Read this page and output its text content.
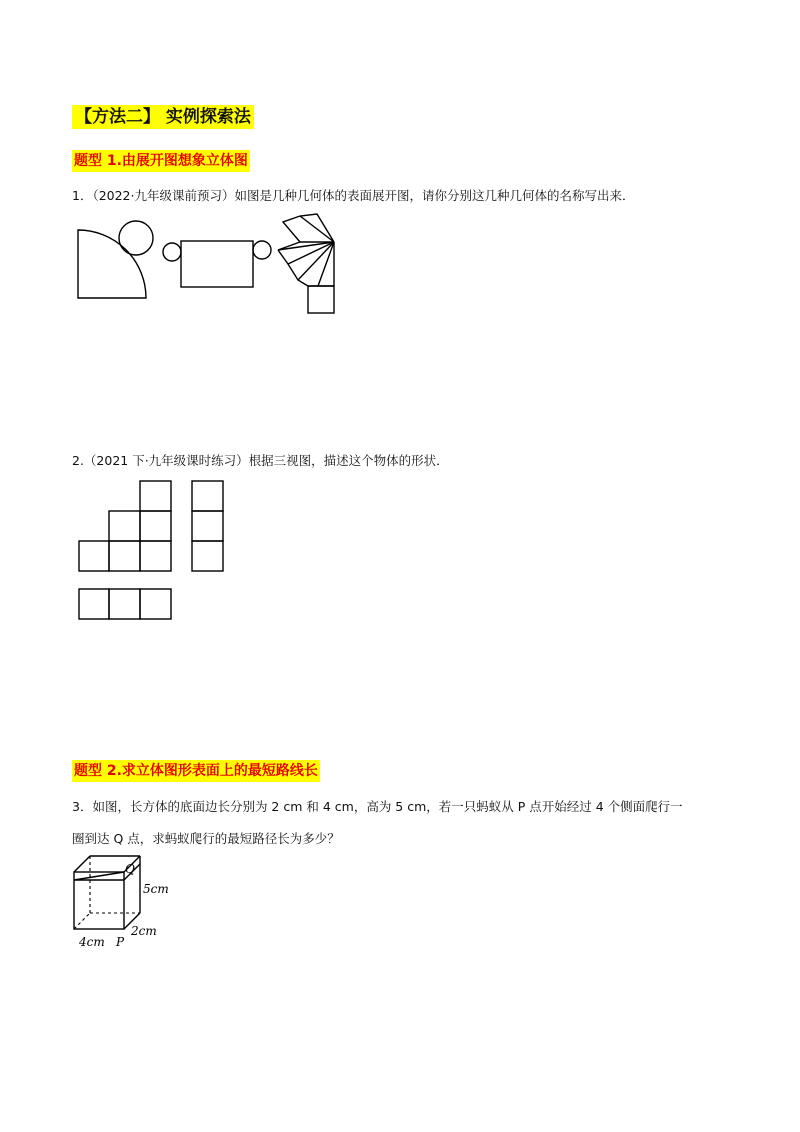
【方法二】 实例探索法
题型 1.由展开图想象立体图
1．（2022·九年级课前预习）如图是几种几何体的表面展开图，请你分别这几种几何体的名称写出来．
2.（2021 下·九年级课时练习）根据三视图，描述这个物体的形状．
题型 2.求立体图形表面上的最短路线长
3．如图，长方体的底面边长分别为 2 cm 和 4 cm，高为 5 cm，若一只蚂蚁从 P 点开始经过 4 个侧面爬行一
圈到达 Q 点，求蚂蚁爬行的最短路径长为多少？
Q
5cm
2cm
4cm P
